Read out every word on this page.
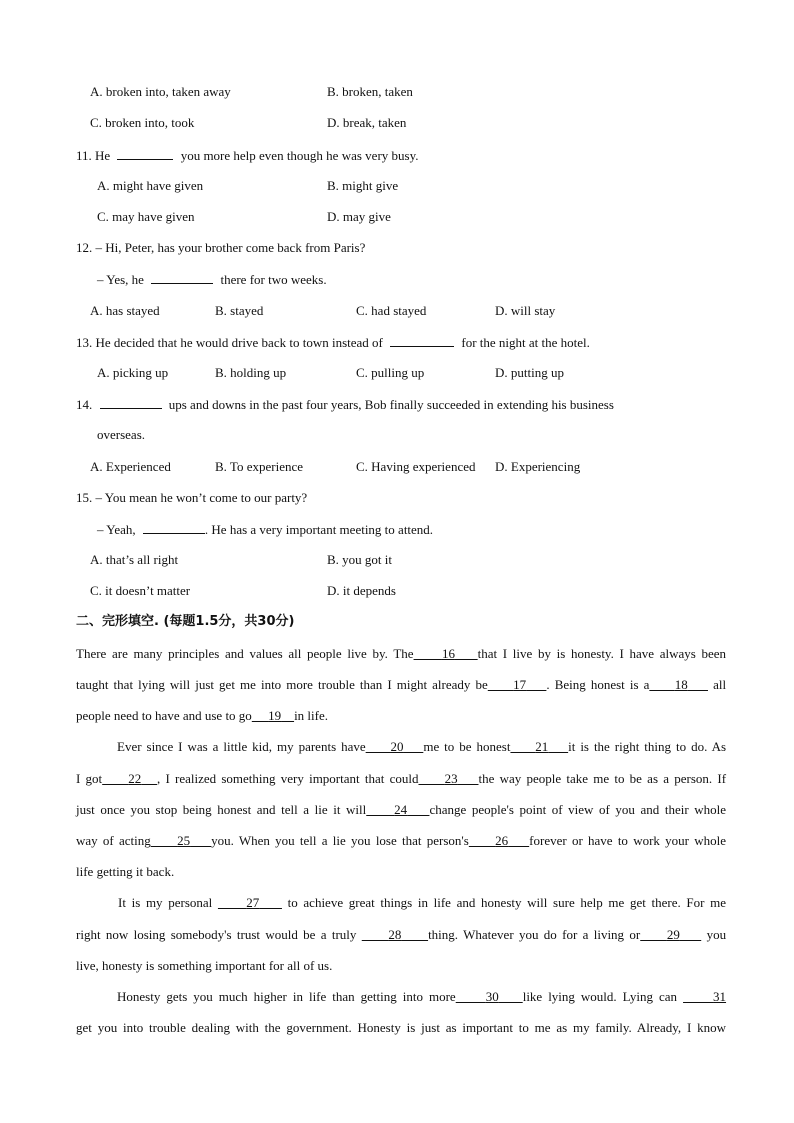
A. broken into, taken away	B. broken, taken
C. broken into, took	D. break, taken
11. He	you more help even though he was very busy.
A. might have given	B. might give
C. may have given	D. may give
12. – Hi, Peter, has your brother come back from Paris?
– Yes, he	there for two weeks.
A. has stayed	B. stayed	C. had stayed	D. will stay
13. He decided that he would drive back to town instead of	for the night at the hotel.
A. picking up	B. holding up	C. pulling up	D. putting up
14.	ups and downs in the past four years, Bob finally succeeded in extending his business
overseas.
A. Experienced	B. To experience	C. Having experienced D. Experiencing
15. – You mean he won’t come to our party?
– Yeah,	. He has a very important meeting to attend.
A. that’s all right	B. you got it
C. it doesn’t matter	D. it depends
二、完形填空. (每题1.5分，共30分)
There are many principles and values all people live by. The 16 that I live by is honesty. I have always been
taught that lying will just get me into more trouble than I might already be 17 . Being honest is a 18 all
people need to have and use to go 19 in life.
Ever since I was a little kid, my parents have 20 me to be honest 21 it is the right thing to do. As
I got 22 , I realized something very important that could 23 the way people take me to be as a person. If
just once you stop being honest and tell a lie it will 24 change people's point of view of you and their whole
way of acting 25 you. When you tell a lie you lose that person's 26 forever or have to work your whole
life getting it back.
It is my personal	27 to achieve great things in life and honesty will sure help me get there. For me
right now losing somebody's trust would be a truly 28 thing. Whatever you do for a living or 29 you
live, honesty is something important for all of us.
Honesty gets you much higher in life than getting into more 30 like lying would. Lying can	31
get you into trouble dealing with the government. Honesty is just as important to me as my family. Already, I know
